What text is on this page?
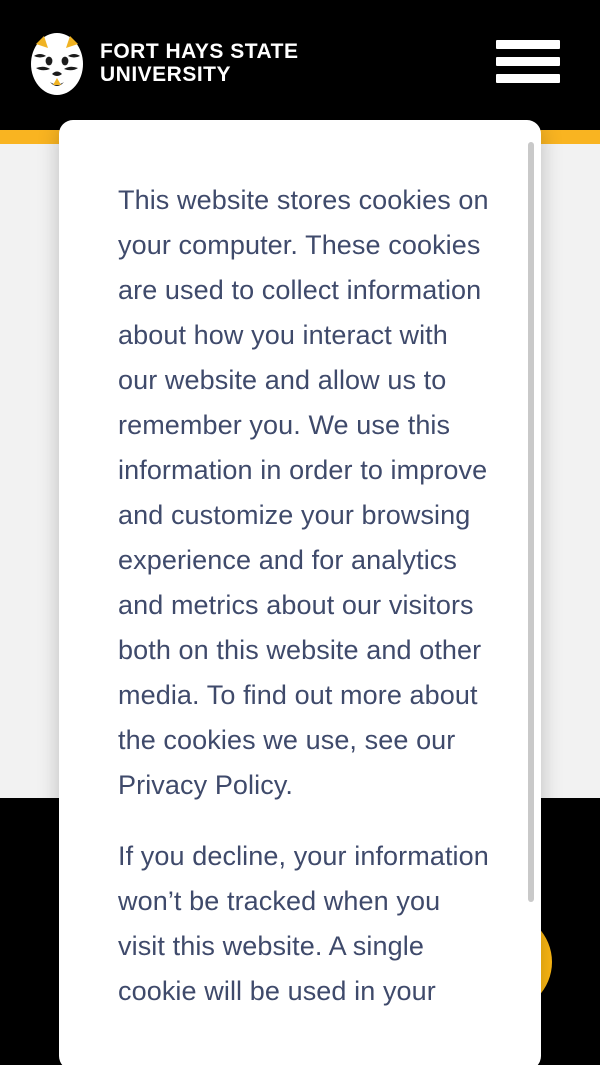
FORT HAYS STATE
UNIVERSITY

This website stores cookies on your computer. These cookies are used to collect information about how you interact with our website and allow us to remember you. We use this information in order to improve and customize your browsing experience and for analytics and metrics about our visitors both on this website and other media. To find out more about the cookies we use, see our Privacy Policy.

If you decline, your information won’t be tracked when you visit this website. A single cookie will be used in your
